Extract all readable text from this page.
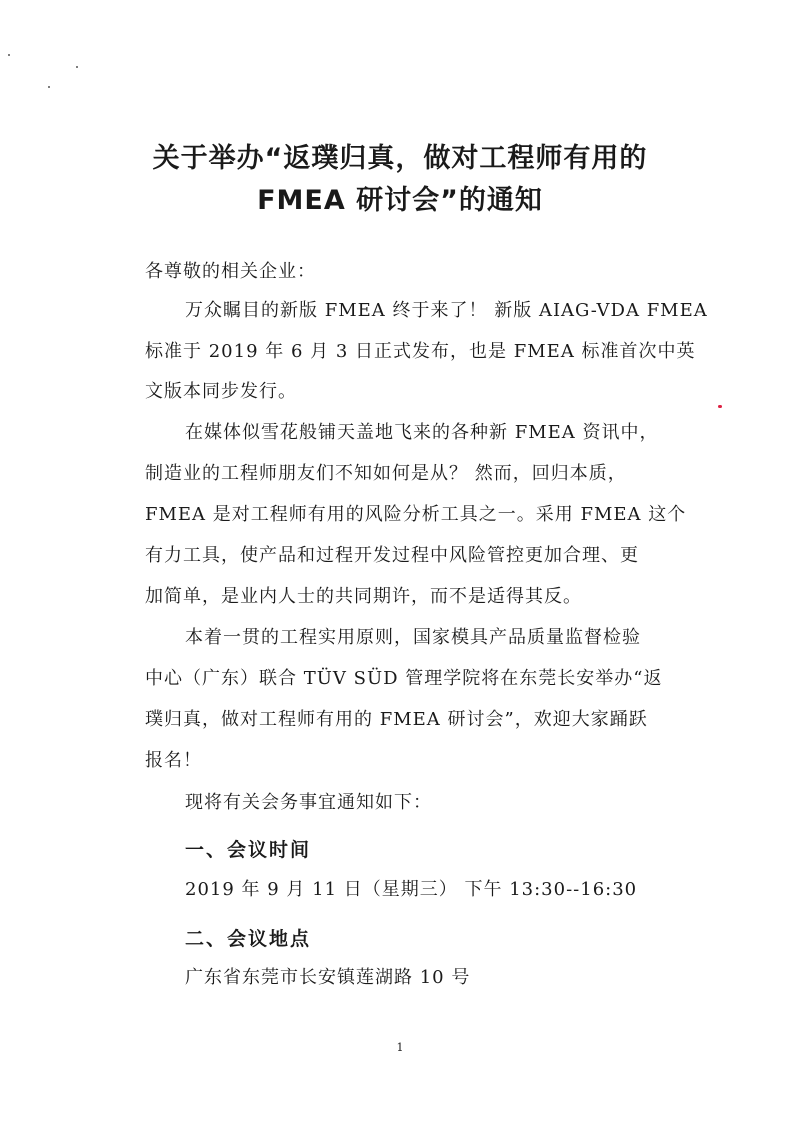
关于举办“返璞归真，做对工程师有用的
FMEA 研讨会”的通知
各尊敬的相关企业：
万众瞩目的新版 FMEA 终于来了！ 新版 AIAG-VDA FMEA
标准于 2019 年 6 月 3 日正式发布，也是 FMEA 标准首次中英
文版本同步发行。
在媒体似雪花般铺天盖地飞来的各种新 FMEA 资讯中，
制造业的工程师朋友们不知如何是从？ 然而，回归本质，
FMEA 是对工程师有用的风险分析工具之一。采用 FMEA 这个
有力工具，使产品和过程开发过程中风险管控更加合理、更
加简单，是业内人士的共同期许，而不是适得其反。
本着一贯的工程实用原则，国家模具产品质量监督检验
中心（广东）联合 TÜV SÜD 管理学院将在东莞长安举办“返
璞归真，做对工程师有用的 FMEA 研讨会”，欢迎大家踊跃
报名！
现将有关会务事宜通知如下：
一、会议时间
2019 年 9 月 11 日（星期三） 下午 13:30--16:30
二、会议地点
广东省东莞市长安镇莲湖路 10 号
1
